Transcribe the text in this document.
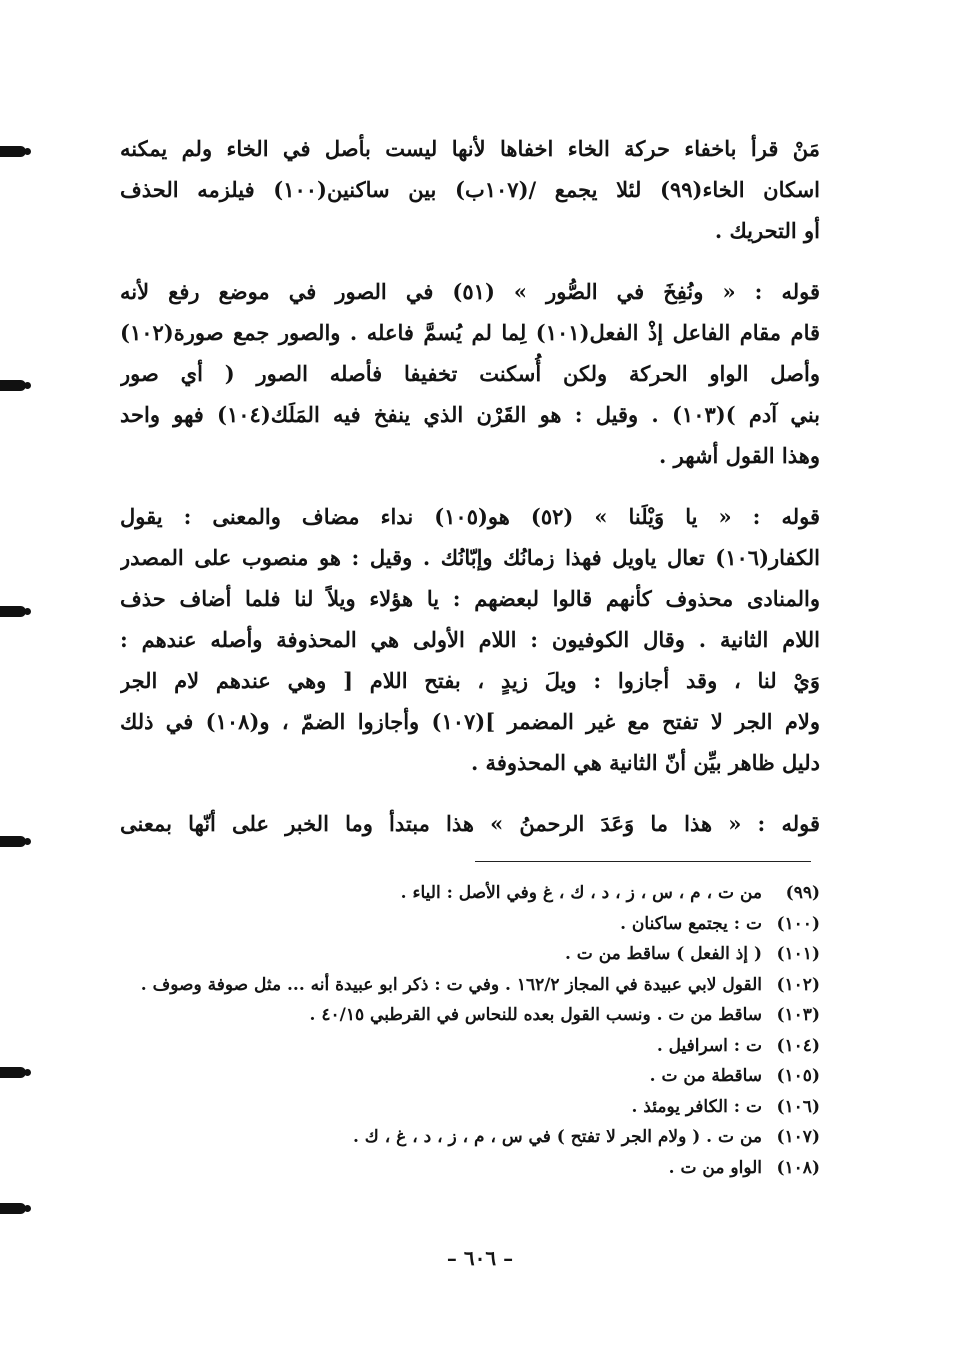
مَنْ قرأ باخفاء حركة الخاء اخفاها لأنها ليست بأصل في الخاء ولم يمكنه
اسكان الخاء(٩٩) لئلا يجمع /(١٠٧ب) بين ساكنين(١٠٠) فيلزمه الحذف
أو التحريك .
قوله : « ونُفِخَ في الصُّور » (٥١) في الصور في موضع رفع لأنه
قام مقام الفاعل إذْ الفعل(١٠١) لِما لم يُسمَّ فاعله . والصور جمع صورة(١٠٢)
وأصل الواو الحركة ولكن أُسكنت تخفيفا فأصله الصور ( أي صور
بني آدم )(١٠٣) . وقيل : هو القَرْن الذي ينفخ فيه المَلَك(١٠٤) فهو واحد
وهذا القول أشهر .
قوله : « يا وَيْلَنا » (٥٢) هو(١٠٥) نداء مضاف والمعنى : يقول
الكفار(١٠٦) تعال ياويل فهذا زمانُك وإبّانُك . وقيل : هو منصوب على المصدر
والمنادى محذوف كأنهم قالوا لبعضهم : يا هؤلاء ويلاً لنا فلما أضاف حذف
اللام الثانية . وقال الكوفيون : اللام الأولى هي المحذوفة وأصله عندهم :
وَيْ لنا ، وقد أجازوا : ويلَ زيدٍ ، بفتح اللام [ وهي عندهم لام الجر
ولام الجر لا تفتح مع غير المضمر ](١٠٧) وأجازوا الضمّ ، و(١٠٨) في ذلك
دليل ظاهر بيِّن أنّ الثانية هي المحذوفة .
قوله : « هذا ما وَعَدَ الرحمنُ » هذا مبتدأ وما الخبر على أنّها بمعنى
(٩٩)
من ت ، م ، س ، ز ، د ، ك ، غ وفي الأصل : الياء .
(١٠٠)
ت : يجتمع ساكنان .
(١٠١)
( إذ الفعل ) ساقط من ت .
(١٠٢)
القول لابي عبيدة في المجاز ١٦٢/٢ . وفي ت : ذكر ابو عبيدة أنه ... مثل صوفة وصوف .
(١٠٣)
ساقط من ت . ونسب القول بعده للنحاس في القرطبي ٤٠/١٥ .
(١٠٤)
ت : اسرافيل .
(١٠٥)
ساقطة من ت .
(١٠٦)
ت : الكافر يومئذ .
(١٠٧)
من ت . ( ولام الجر لا تفتح ) في س ، م ، ز ، د ، غ ، ك .
(١٠٨)
الواو من ت .
– ٦٠٦ –
